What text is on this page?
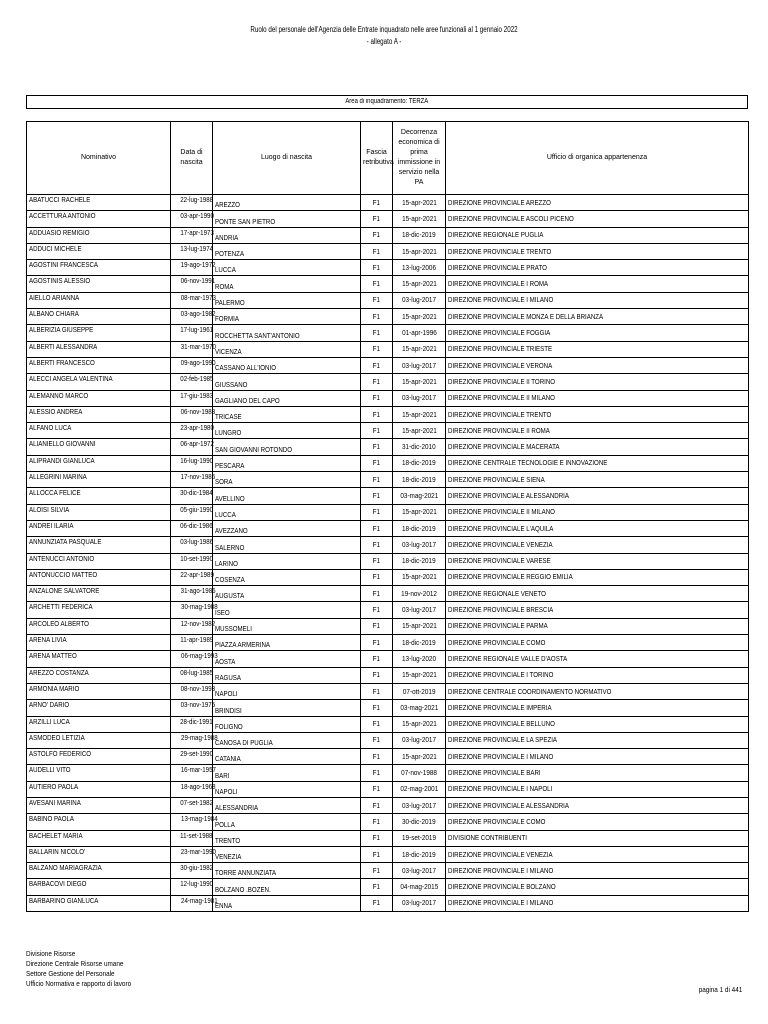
Ruolo del personale dell'Agenzia delle Entrate inquadrato nelle aree funzionali al 1 gennaio 2022
- allegato A -
Area di inquadramento: TERZA
Nominativo	Data di nascita	Luogo di nascita	Fascia retributiva	Decorrenza economica di prima immissione in servizio nella PA	Ufficio di organica appartenenza
ABATUCCI RACHELE	22-lug-1988	AREZZO	F1	15-apr-2021	DIREZIONE PROVINCIALE AREZZO
ACCETTURA ANTONIO	03-apr-1990	PONTE SAN PIETRO	F1	15-apr-2021	DIREZIONE PROVINCIALE ASCOLI PICENO
ADDUASIO REMIGIO	17-apr-1973	ANDRIA	F1	18-dic-2019	DIREZIONE REGIONALE PUGLIA
ADDUCI MICHELE	13-lug-1974	POTENZA	F1	15-apr-2021	DIREZIONE PROVINCIALE TRENTO
AGOSTINI FRANCESCA	19-ago-1972	LUCCA	F1	13-lug-2006	DIREZIONE PROVINCIALE PRATO
AGOSTINIS ALESSIO	06-nov-1991	ROMA	F1	15-apr-2021	DIREZIONE PROVINCIALE I ROMA
AIELLO ARIANNA	08-mar-1973	PALERMO	F1	03-lug-2017	DIREZIONE PROVINCIALE I MILANO
ALBANO CHIARA	03-ago-1982	FORMIA	F1	15-apr-2021	DIREZIONE PROVINCIALE MONZA E DELLA BRIANZA
ALBERIZIA GIUSEPPE	17-lug-1961	ROCCHETTA SANT'ANTONIO	F1	01-apr-1996	DIREZIONE PROVINCIALE FOGGIA
ALBERTI ALESSANDRA	31-mar-1970	VICENZA	F1	15-apr-2021	DIREZIONE PROVINCIALE TRIESTE
ALBERTI FRANCESCO	09-ago-1990	CASSANO ALL'IONIO	F1	03-lug-2017	DIREZIONE PROVINCIALE VERONA
ALECCI ANGELA VALENTINA	02-feb-1985	GIUSSANO	F1	15-apr-2021	DIREZIONE PROVINCIALE II TORINO
ALEMANNO MARCO	17-giu-1983	GAGLIANO DEL CAPO	F1	03-lug-2017	DIREZIONE PROVINCIALE II MILANO
ALESSIO ANDREA	06-nov-1983	TRICASE	F1	15-apr-2021	DIREZIONE PROVINCIALE TRENTO
ALFANO LUCA	23-apr-1980	LUNGRO	F1	15-apr-2021	DIREZIONE PROVINCIALE II ROMA
ALIANIELLO GIOVANNI	06-apr-1972	SAN GIOVANNI ROTONDO	F1	31-dic-2010	DIREZIONE PROVINCIALE MACERATA
ALIPRANDI GIANLUCA	16-lug-1990	PESCARA	F1	18-dic-2019	DIREZIONE CENTRALE TECNOLOGIE E INNOVAZIONE
ALLEGRINI MARINA	17-nov-1985	SORA	F1	18-dic-2019	DIREZIONE PROVINCIALE SIENA
ALLOCCA FELICE	30-dic-1984	AVELLINO	F1	03-mag-2021	DIREZIONE PROVINCIALE ALESSANDRIA
ALOISI SILVIA	05-giu-1990	LUCCA	F1	15-apr-2021	DIREZIONE PROVINCIALE II MILANO
ANDREI ILARIA	06-dic-1986	AVEZZANO	F1	18-dic-2019	DIREZIONE PROVINCIALE L'AQUILA
ANNUNZIATA PASQUALE	03-lug-1986	SALERNO	F1	03-lug-2017	DIREZIONE PROVINCIALE VENEZIA
ANTENUCCI ANTONIO	10-set-1990	LARINO	F1	18-dic-2019	DIREZIONE PROVINCIALE VARESE
ANTONUCCIO MATTEO	22-apr-1989	COSENZA	F1	15-apr-2021	DIREZIONE PROVINCIALE REGGIO EMILIA
ANZALONE SALVATORE	31-ago-1986	AUGUSTA	F1	19-nov-2012	DIREZIONE REGIONALE VENETO
ARCHETTI FEDERICA	30-mag-1988	ISEO	F1	03-lug-2017	DIREZIONE PROVINCIALE BRESCIA
ARCOLEO ALBERTO	12-nov-1982	MUSSOMELI	F1	15-apr-2021	DIREZIONE PROVINCIALE PARMA
ARENA LIVIA	11-apr-1989	PIAZZA ARMERINA	F1	18-dic-2019	DIREZIONE PROVINCIALE COMO
ARENA MATTEO	06-mag-1993	AOSTA	F1	13-lug-2020	DIREZIONE REGIONALE VALLE D'AOSTA
AREZZO COSTANZA	08-lug-1985	RAGUSA	F1	15-apr-2021	DIREZIONE PROVINCIALE I TORINO
ARMONIA MARIO	08-nov-1993	NAPOLI	F1	07-ott-2019	DIREZIONE CENTRALE COORDINAMENTO NORMATIVO
ARNO' DARIO	03-nov-1975	BRINDISI	F1	03-mag-2021	DIREZIONE PROVINCIALE IMPERIA
ARZILLI LUCA	28-dic-1991	FOLIGNO	F1	15-apr-2021	DIREZIONE PROVINCIALE BELLUNO
ASMODEO LETIZIA	29-mag-1988	CANOSA DI PUGLIA	F1	03-lug-2017	DIREZIONE PROVINCIALE LA SPEZIA
ASTOLFO FEDERICO	29-set-1990	CATANIA	F1	15-apr-2021	DIREZIONE PROVINCIALE I MILANO
AUDELLI VITO	16-mar-1957	BARI	F1	07-nov-1988	DIREZIONE PROVINCIALE BARI
AUTIERO PAOLA	18-ago-1968	NAPOLI	F1	02-mag-2001	DIREZIONE PROVINCIALE I NAPOLI
AVESANI MARINA	07-set-1982	ALESSANDRIA	F1	03-lug-2017	DIREZIONE PROVINCIALE ALESSANDRIA
BABINO PAOLA	13-mag-1984	POLLA	F1	30-dic-2019	DIREZIONE PROVINCIALE COMO
BACHELET MARIA	11-set-1988	TRENTO	F1	19-set-2019	DIVISIONE CONTRIBUENTI
BALLARIN NICOLO'	23-mar-1990	VENEZIA	F1	18-dic-2019	DIREZIONE PROVINCIALE VENEZIA
BALZANO MARIAGRAZIA	30-giu-1982	TORRE ANNUNZIATA	F1	03-lug-2017	DIREZIONE PROVINCIALE I MILANO
BARBACOVI DIEGO	12-lug-1990	BOLZANO .BOZEN.	F1	04-mag-2015	DIREZIONE PROVINCIALE BOLZANO
BARBARINO GIANLUCA	24-mag-1981	ENNA	F1	03-lug-2017	DIREZIONE PROVINCIALE I MILANO
Divisione Risorse
Direzione Centrale Risorse umane
Settore Gestione del Personale
Ufficio Normativa e rapporto di lavoro
pagina 1 di 441
